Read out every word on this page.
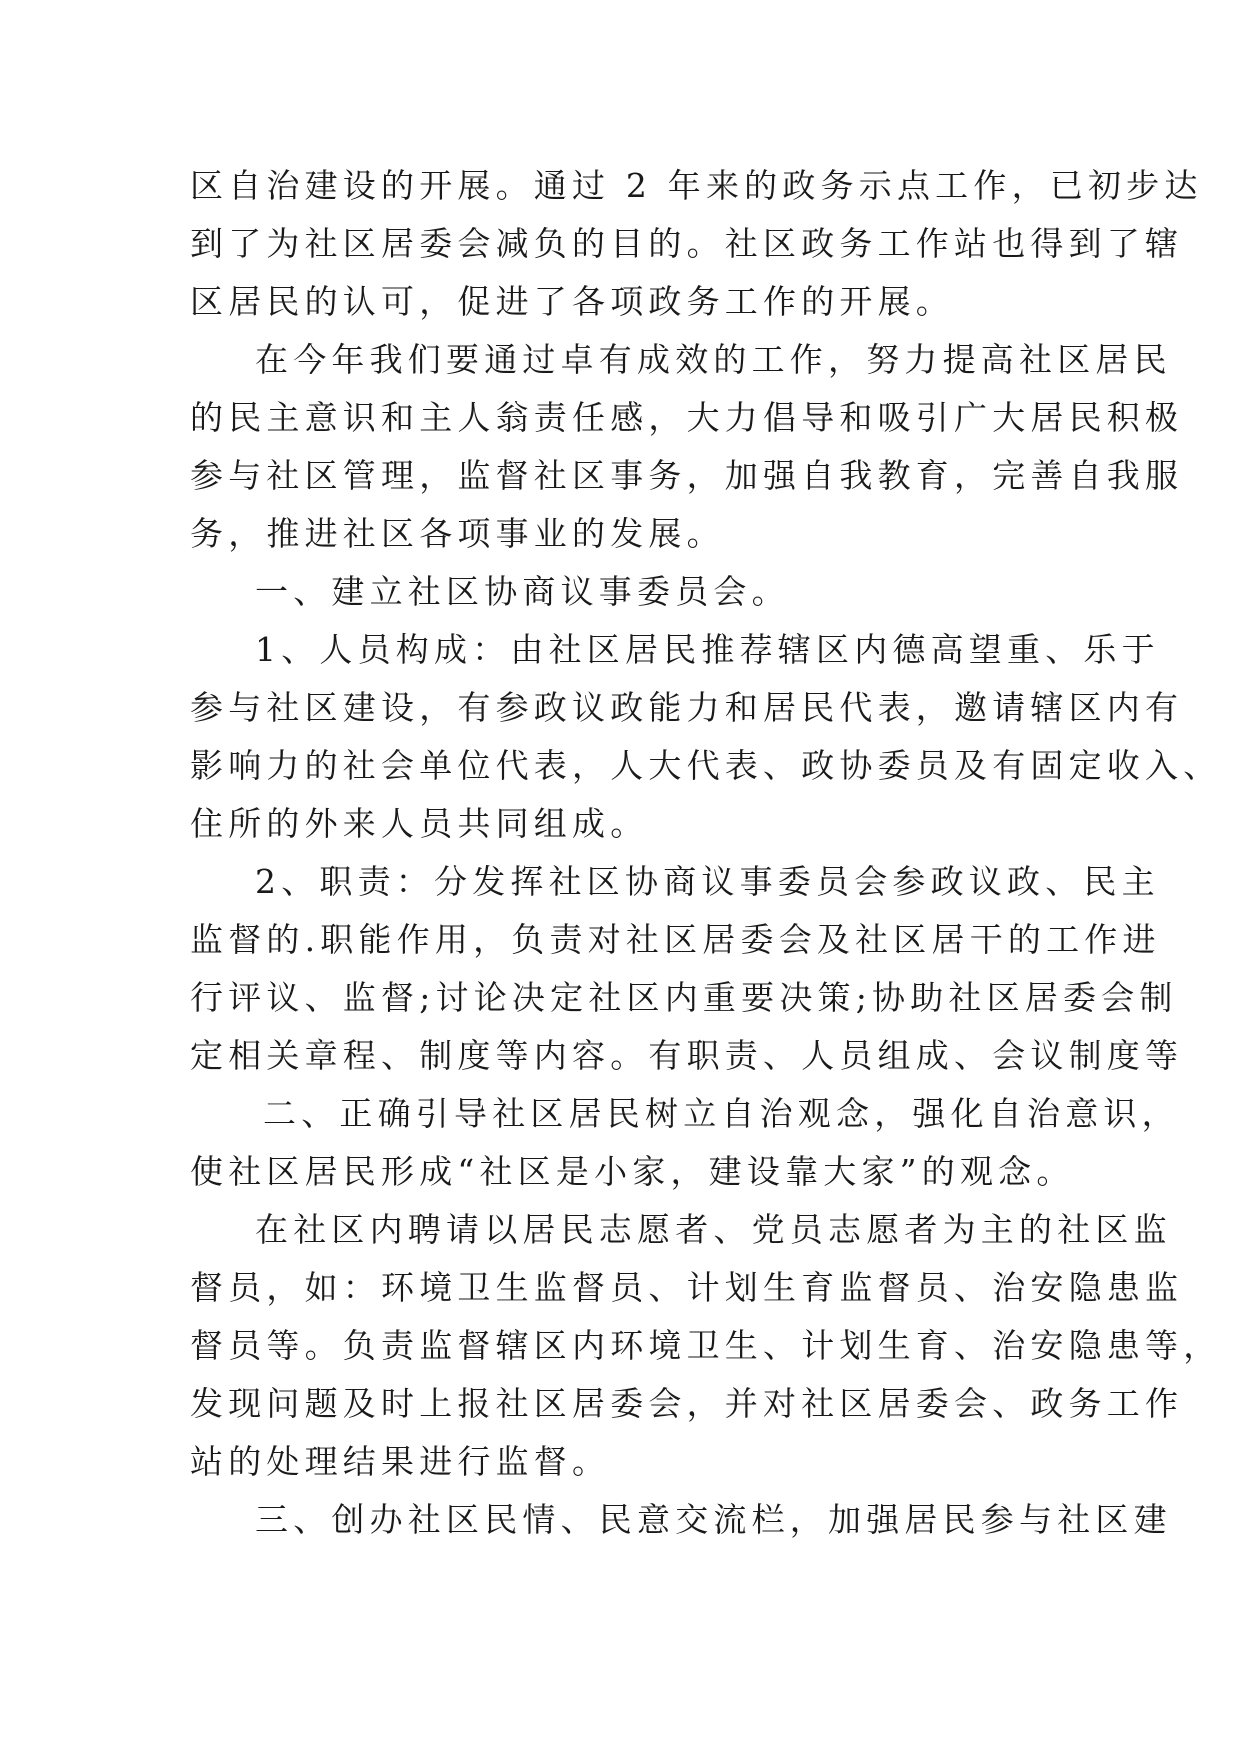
区自治建设的开展。通过 2 年来的政务示点工作，已初步达
到了为社区居委会减负的目的。社区政务工作站也得到了辖
区居民的认可，促进了各项政务工作的开展。
在今年我们要通过卓有成效的工作，努力提高社区居民
的民主意识和主人翁责任感，大力倡导和吸引广大居民积极
参与社区管理，监督社区事务，加强自我教育，完善自我服
务，推进社区各项事业的发展。
一、建立社区协商议事委员会。
1、人员构成：由社区居民推荐辖区内德高望重、乐于
参与社区建设，有参政议政能力和居民代表，邀请辖区内有
影响力的社会单位代表，人大代表、政协委员及有固定收入、
住所的外来人员共同组成。
2、职责：分发挥社区协商议事委员会参政议政、民主
监督的.职能作用，负责对社区居委会及社区居干的工作进
行评议、监督;讨论决定社区内重要决策;协助社区居委会制
定相关章程、制度等内容。有职责、人员组成、会议制度等
二、正确引导社区居民树立自治观念，强化自治意识，
使社区居民形成“社区是小家，建设靠大家”的观念。
在社区内聘请以居民志愿者、党员志愿者为主的社区监
督员，如：环境卫生监督员、计划生育监督员、治安隐患监
督员等。负责监督辖区内环境卫生、计划生育、治安隐患等，
发现问题及时上报社区居委会，并对社区居委会、政务工作
站的处理结果进行监督。
三、创办社区民情、民意交流栏，加强居民参与社区建
